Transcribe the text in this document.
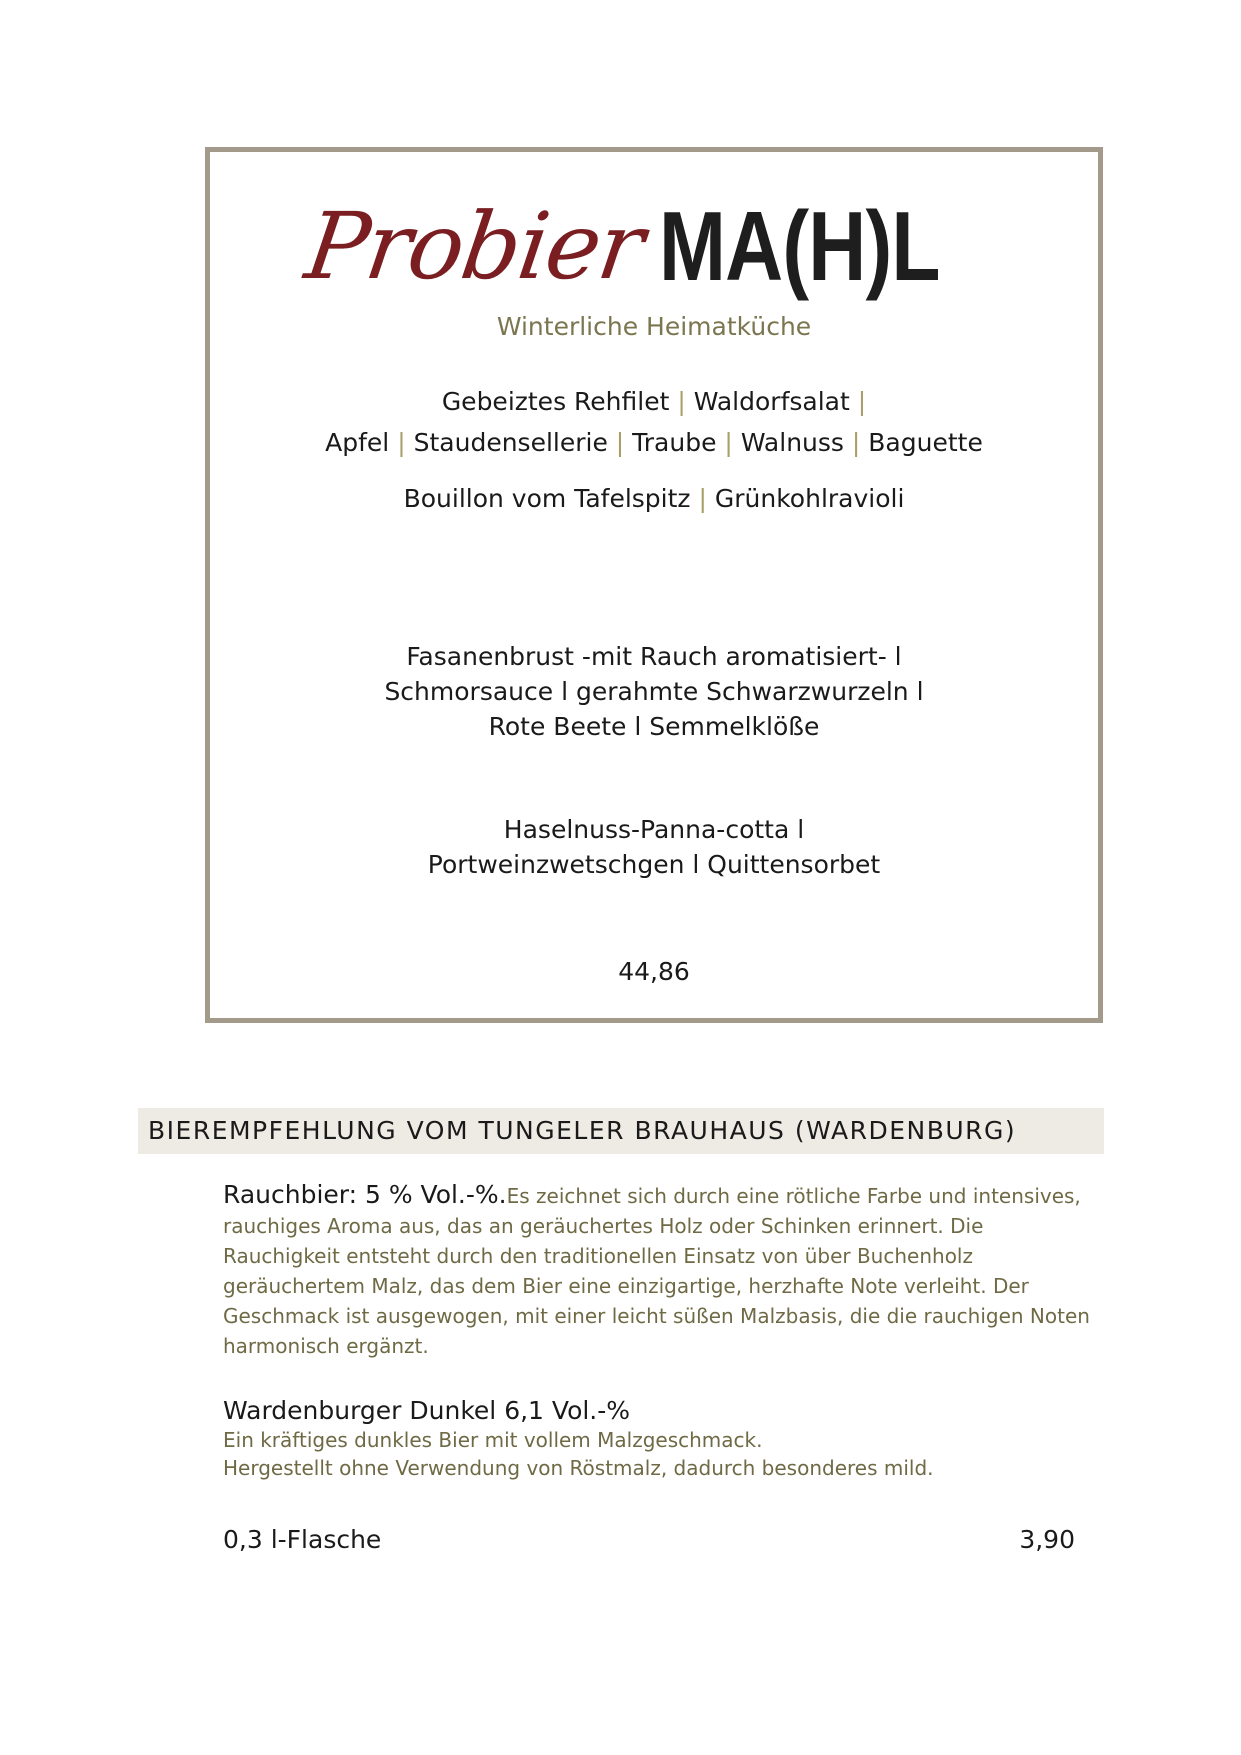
Probier MA(H)L
Winterliche Heimatküche
Gebeiztes Rehfilet | Waldorfsalat |
Apfel | Staudensellerie | Traube | Walnuss | Baguette
Bouillon vom Tafelspitz | Grünkohlravioli
Fasanenbrust -mit Rauch aromatisiert- l
Schmorsauce l gerahmte Schwarzwurzeln l
Rote Beete l Semmelklöße
Haselnuss-Panna-cotta l
Portweinzwetschgen l Quittensorbet
44,86
BIEREMPFEHLUNG VOM TUNGELER BRAUHAUS (WARDENBURG)
Rauchbier: 5 % Vol.-%.Es zeichnet sich durch eine rötliche Farbe und intensives, rauchiges Aroma aus, das an geräuchertes Holz oder Schinken erinnert. Die Rauchigkeit entsteht durch den traditionellen Einsatz von über Buchenholz geräuchertem Malz, das dem Bier eine einzigartige, herzhafte Note verleiht. Der Geschmack ist ausgewogen, mit einer leicht süßen Malzbasis, die die rauchigen Noten harmonisch ergänzt.
Wardenburger Dunkel 6,1 Vol.-%
Ein kräftiges dunkles Bier mit vollem Malzgeschmack.
Hergestellt ohne Verwendung von Röstmalz, dadurch besonderes mild.
0,3 l-Flasche	3,90
